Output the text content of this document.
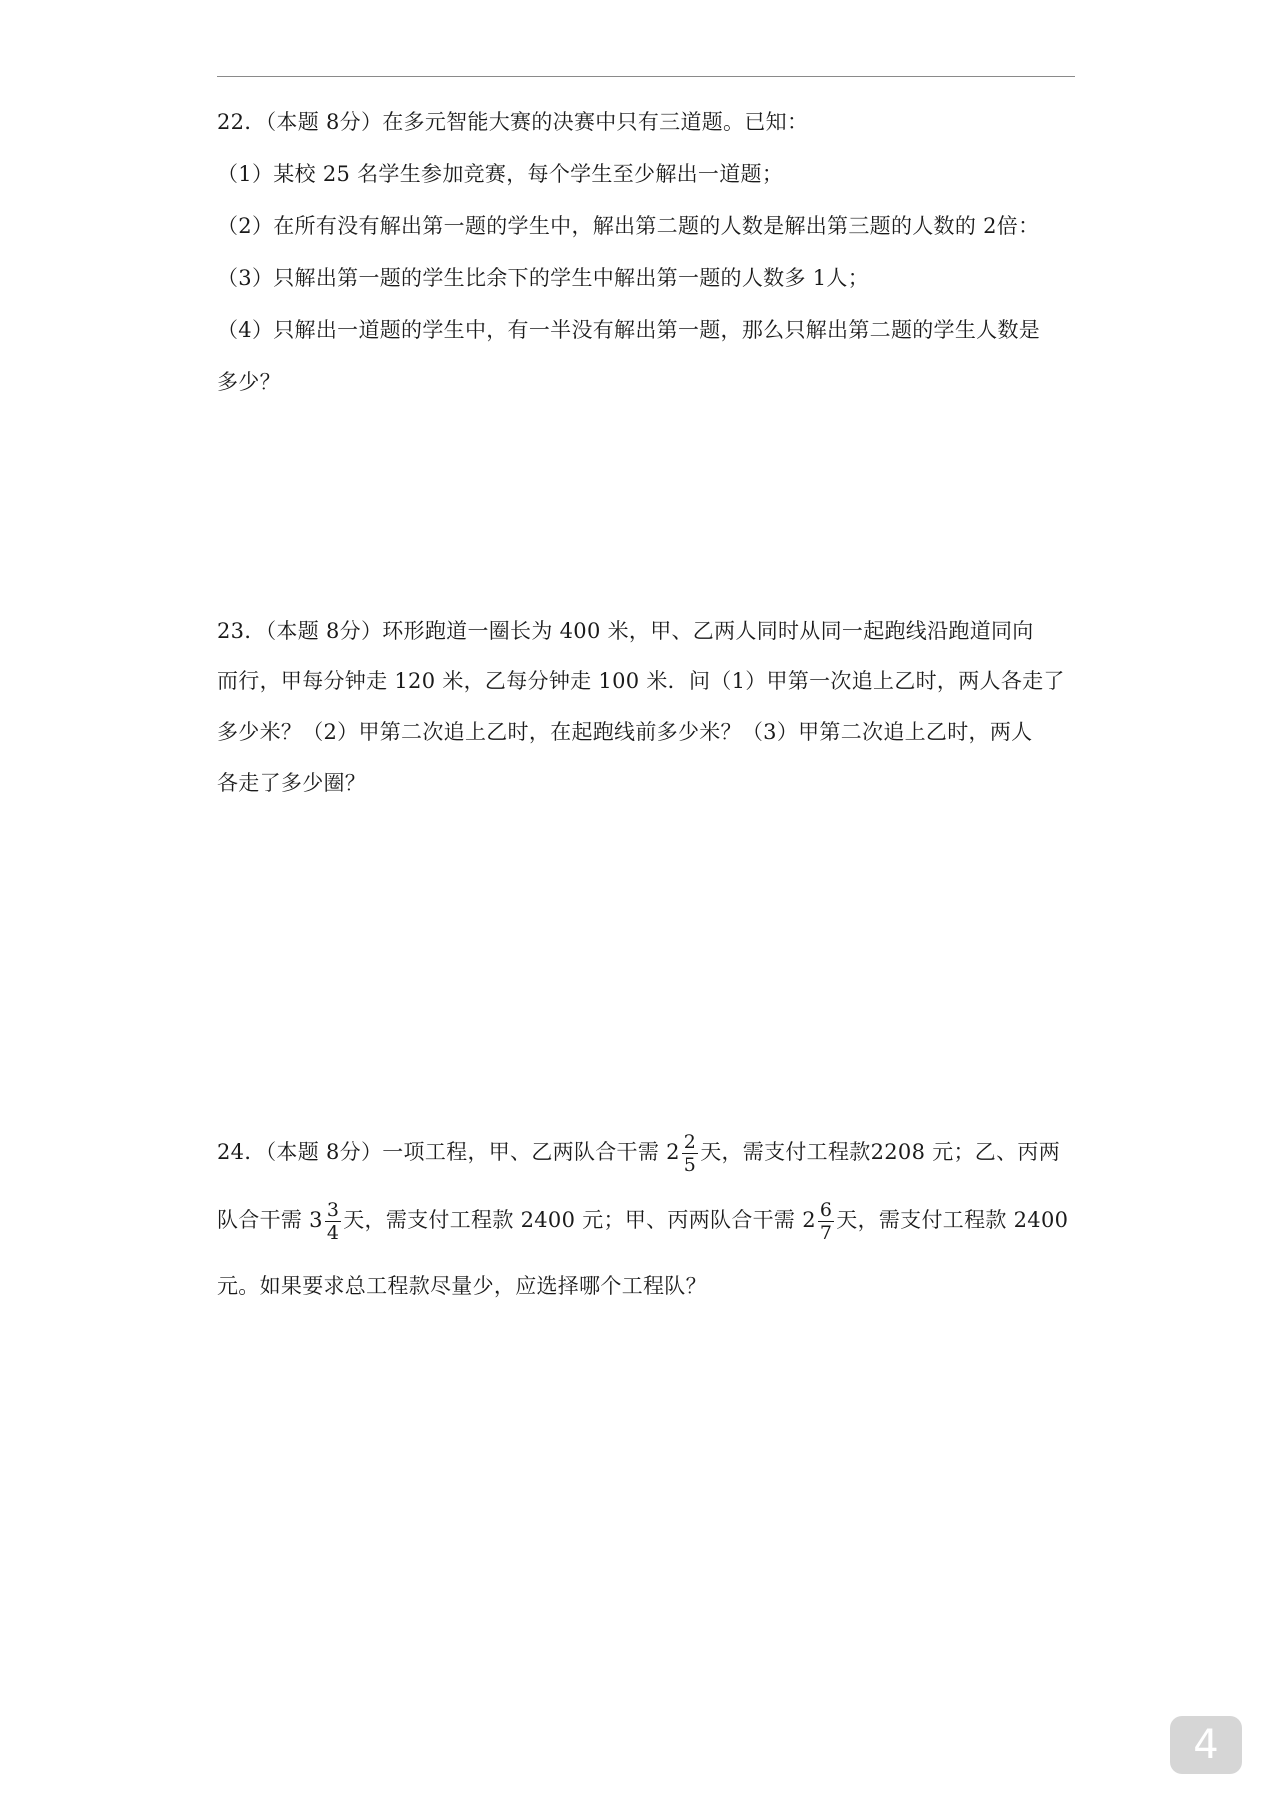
22．（本题 8分）在多元智能大赛的决赛中只有三道题。已知：
（1）某校 25 名学生参加竞赛，每个学生至少解出一道题；
（2）在所有没有解出第一题的学生中，解出第二题的人数是解出第三题的人数的 2倍：
（3）只解出第一题的学生比余下的学生中解出第一题的人数多 1人；
（4）只解出一道题的学生中，有一半没有解出第一题，那么只解出第二题的学生人数是
多少？
23．（本题 8分）环形跑道一圈长为 400 米，甲、乙两人同时从同一起跑线沿跑道同向
而行，甲每分钟走 120 米，乙每分钟走 100 米．问（1）甲第一次追上乙时，两人各走了
多少米？（2）甲第二次追上乙时，在起跑线前多少米？（3）甲第二次追上乙时，两人
各走了多少圈？
24．（本题 8分）一项工程，甲、乙两队合干需 $2 \frac{2}{5}$ 天，需支付工程款2208 元；乙、丙两
队合干需 $3 \frac{3}{4}$ 天，需支付工程款 2400 元；甲、丙两队合干需 $2 \frac{6}{7}$ 天，需支付工程款 2400
元。如果要求总工程款尽量少，应选择哪个工程队？
4
